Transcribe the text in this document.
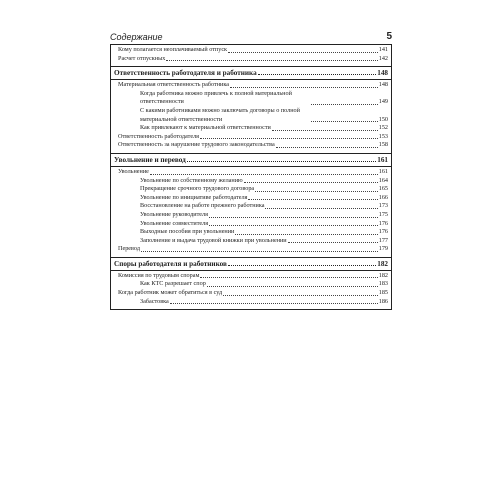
Содержание	5
Кому полагается неоплачиваемый отпуск	141
Расчет отпускных	142
Ответственность работодателя и работника	148
Материальная ответственность работника	148
Когда работника можно привлечь к полной материальной ответственности	149
С какими работниками можно заключать договоры о полной материальной ответственности	150
Как привлекают к материальной ответственности	152
Ответственность работодателя	153
Ответственность за нарушение трудового законодательства	158
Увольнение и перевод	161
Увольнение	161
Увольнение по собственному желанию	164
Прекращение срочного трудового договора	165
Увольнение по инициативе работодателя	166
Восстановление на работе прежнего работника	173
Увольнение руководителя	175
Увольнение совместителя	176
Выходные пособия при увольнении	176
Заполнение и выдача трудовой книжки при увольнении	177
Перевод	179
Споры работодателя и работников	182
Комиссия по трудовым спорам	182
Как КТС разрешает спор	183
Когда работник может обратиться в суд	185
Забастовка	186
